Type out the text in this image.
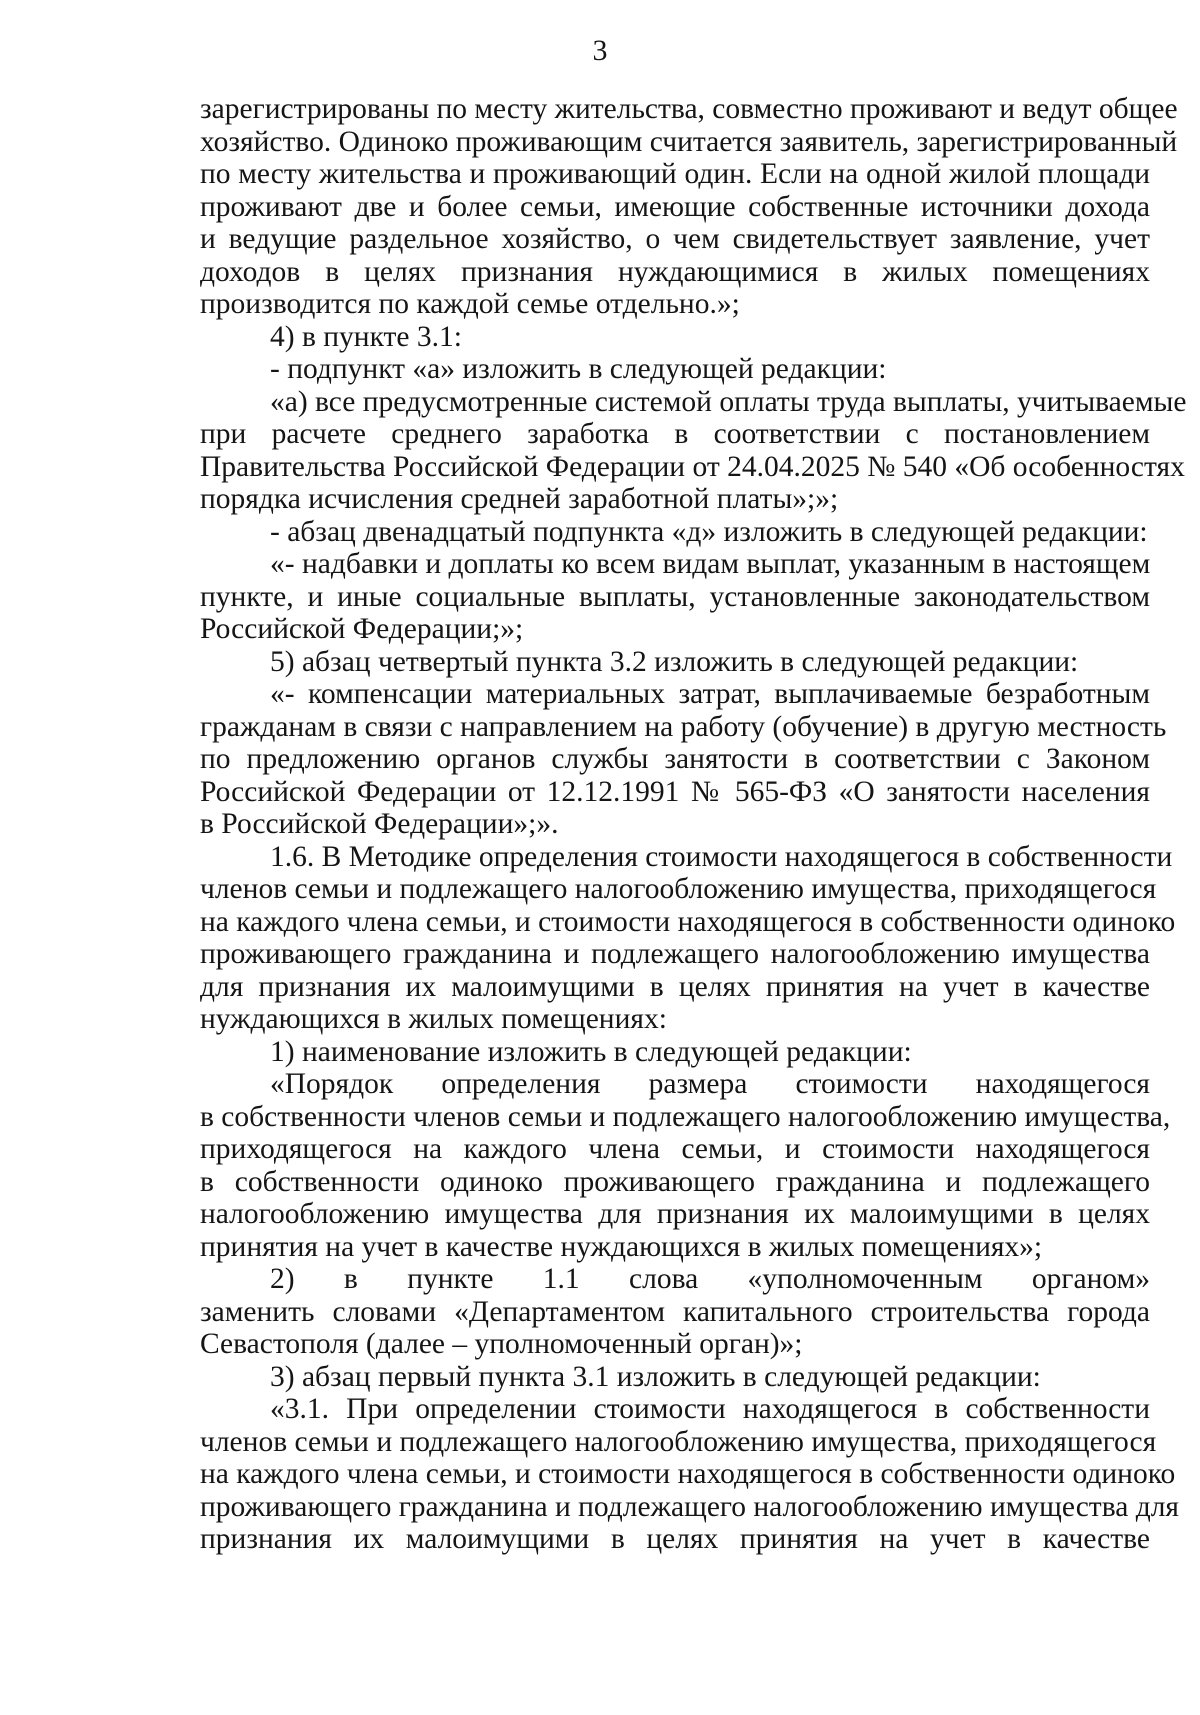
3
зарегистрированы по месту жительства, совместно проживают и ведут общее
хозяйство. Одиноко проживающим считается заявитель, зарегистрированный
по месту жительства и проживающий один. Если на одной жилой площади
проживают две и более семьи, имеющие собственные источники дохода
и ведущие раздельное хозяйство, о чем свидетельствует заявление, учет
доходов в целях признания нуждающимися в жилых помещениях
производится по каждой семье отдельно.»;
4) в пункте 3.1:
- подпункт «а» изложить в следующей редакции:
«а) все предусмотренные системой оплаты труда выплаты, учитываемые
при расчете среднего заработка в соответствии с постановлением
Правительства Российской Федерации от 24.04.2025 № 540 «Об особенностях
порядка исчисления средней заработной платы»;»;
- абзац двенадцатый подпункта «д» изложить в следующей редакции:
«- надбавки и доплаты ко всем видам выплат, указанным в настоящем
пункте, и иные социальные выплаты, установленные законодательством
Российской Федерации;»;
5) абзац четвертый пункта 3.2 изложить в следующей редакции:
«- компенсации материальных затрат, выплачиваемые безработным
гражданам в связи с направлением на работу (обучение) в другую местность
по предложению органов службы занятости в соответствии с Законом
Российской Федерации от 12.12.1991 № 565-ФЗ «О занятости населения
в Российской Федерации»;».
1.6. В Методике определения стоимости находящегося в собственности
членов семьи и подлежащего налогообложению имущества, приходящегося
на каждого члена семьи, и стоимости находящегося в собственности одиноко
проживающего гражданина и подлежащего налогообложению имущества
для признания их малоимущими в целях принятия на учет в качестве
нуждающихся в жилых помещениях:
1) наименование изложить в следующей редакции:
«Порядок определения размера стоимости находящегося
в собственности членов семьи и подлежащего налогообложению имущества,
приходящегося на каждого члена семьи, и стоимости находящегося
в собственности одиноко проживающего гражданина и подлежащего
налогообложению имущества для признания их малоимущими в целях
принятия на учет в качестве нуждающихся в жилых помещениях»;
2) в пункте 1.1 слова «уполномоченным органом»
заменить словами «Департаментом капитального строительства города
Севастополя (далее – уполномоченный орган)»;
3) абзац первый пункта 3.1 изложить в следующей редакции:
«3.1. При определении стоимости находящегося в собственности
членов семьи и подлежащего налогообложению имущества, приходящегося
на каждого члена семьи, и стоимости находящегося в собственности одиноко
проживающего гражданина и подлежащего налогообложению имущества для
признания их малоимущими в целях принятия на учет в качестве
